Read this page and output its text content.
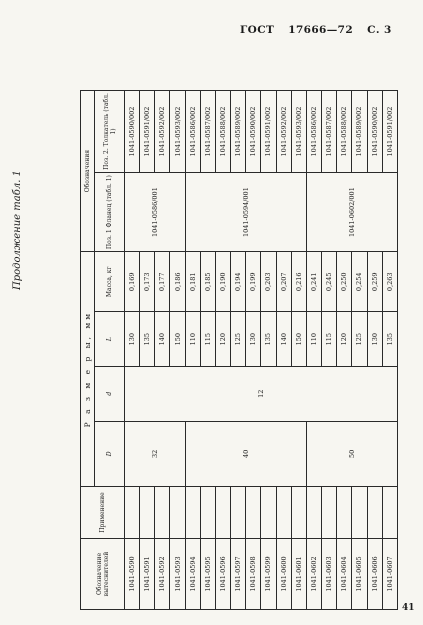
ГОСТ 17666—72 С. 3
Продолжение табл. 1
Обозначение вытеснителей	Применение	Р а з м е р ы, мм				Обозначения	
		D	d	L	Масса, кг	Поз. 1 Фланец (табл. 1)	Поз. 2. Толкатель (табл. 1)
1041-0590		32	12	130	0,169	1041-0586/001	1041-0590/002
1041-0591				135	0,173		1041-0591/002
1041-0592				140	0,177		1041-0592/002
1041-0593				150	0,186		1041-0593/002
1041-0594		40		110	0,181	1041-0594/001	1041-0586/002
1041-0595				115	0,185		1041-0587/002
1041-0596				120	0,190		1041-0588/002
1041-0597				125	0,194		1041-0589/002
1041-0598				130	0,199		1041-0590/002
1041-0599				135	0,203		1041-0591/002
1041-0600				140	0,207		1041-0592/002
1041-0601				150	0,216		1041-0593/002
1041-0602		50		110	0,241	1041-0602/001	1041-0586/002
1041-0603				115	0,245		1041-0587/002
1041-0604				120	0,250		1041-0588/002
1041-0605				125	0,254		1041-0589/002
1041-0606				130	0,259		1041-0590/002
1041-0607				135	0,263		1041-0591/002
41
